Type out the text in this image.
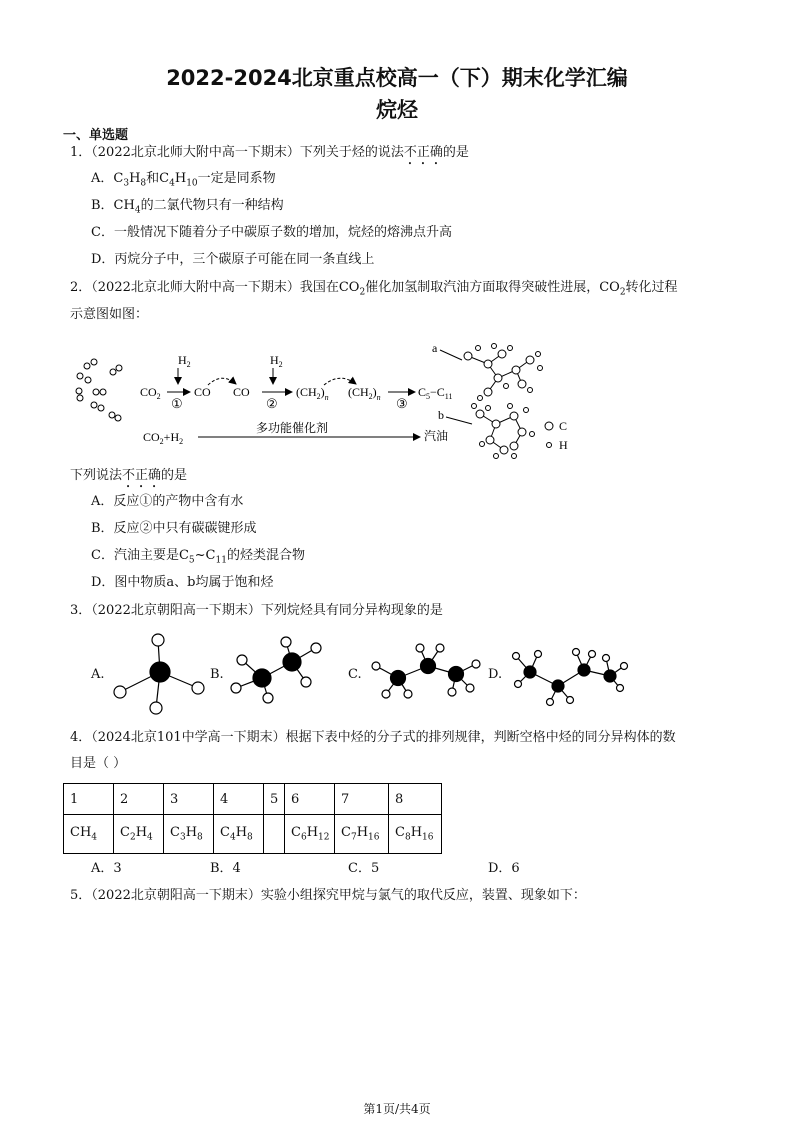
2022-2024北京重点校高一（下）期末化学汇编
烷烃
一、单选题
1．（2022北京北师大附中高一下期末）下列关于烃的说法不正确的是
A．$C_3H_8$和$C_4H_{10}$一定是同系物
B．$CH_4$的二氯代物只有一种结构
C．一般情况下随着分子中碳原子数的增加，烷烃的熔沸点升高
D．丙烷分子中，三个碳原子可能在同一条直线上
2．（2022北京北师大附中高一下期末）我国在$CO_2$催化加氢制取汽油方面取得突破性进展，$CO_2$转化过程
示意图如图：
$H_2$	$H_2$
$CO_2$	CO CO	$(CH_2)_n$ $(CH_2)_n$	$C_5-C_{11}$
①	②	③
$CO_2+H_2$
多功能催化剂
汽油
a
b
C
H
下列说法不正确的是
A．反应①的产物中含有水
B．反应②中只有碳碳键形成
C．汽油主要是$C_5\sim C_{11}$的烃类混合物
D．图中物质a、b均属于饱和烃
3．（2022北京朝阳高一下期末）下列烷烃具有同分异构现象的是
A.	B.	C.	D.
4．（2024北京101中学高一下期末）根据下表中烃的分子式的排列规律，判断空格中烃的同分异构体的数
目是（ ）
1	2	3	4	5	6	7	8
$CH_4$	$C_2H_4$	$C_3H_8$	$C_4H_8$		$C_6H_{12}$	$C_7H_{16}$	$C_8H_{16}$
A．3	B．4	C．5	D．6
5．（2022北京朝阳高一下期末）实验小组探究甲烷与氯气的取代反应，装置、现象如下：
第1页/共4页
